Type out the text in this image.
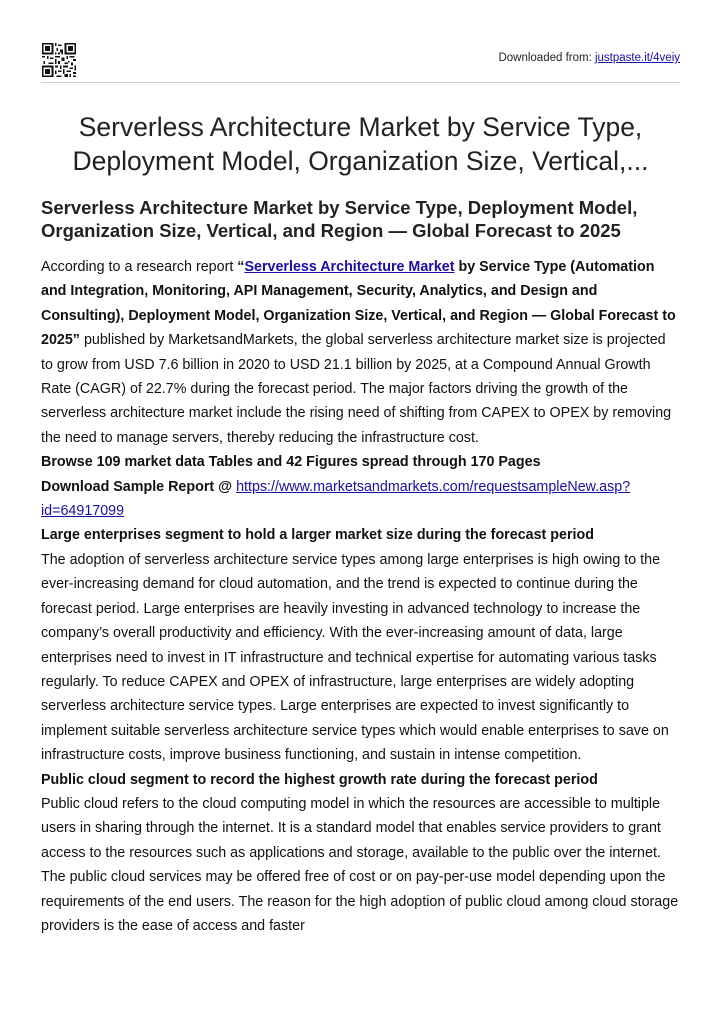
Downloaded from: justpaste.it/4veiy
Serverless Architecture Market by Service Type, Deployment Model, Organization Size, Vertical,...
Serverless Architecture Market by Service Type, Deployment Model, Organization Size, Vertical, and Region — Global Forecast to 2025

According to a research report “Serverless Architecture Market by Service Type (Automation and Integration, Monitoring, API Management, Security, Analytics, and Design and Consulting), Deployment Model, Organization Size, Vertical, and Region — Global Forecast to 2025” published by MarketsandMarkets, the global serverless architecture market size is projected to grow from USD 7.6 billion in 2020 to USD 21.1 billion by 2025, at a Compound Annual Growth Rate (CAGR) of 22.7% during the forecast period. The major factors driving the growth of the serverless architecture market include the rising need of shifting from CAPEX to OPEX by removing the need to manage servers, thereby reducing the infrastructure cost.

Browse 109 market data Tables and 42 Figures spread through 170 Pages

Download Sample Report @ https://www.marketsandmarkets.com/requestsampleNew.asp?id=64917099

Large enterprises segment to hold a larger market size during the forecast period

The adoption of serverless architecture service types among large enterprises is high owing to the ever-increasing demand for cloud automation, and the trend is expected to continue during the forecast period. Large enterprises are heavily investing in advanced technology to increase the company’s overall productivity and efficiency. With the ever-increasing amount of data, large enterprises need to invest in IT infrastructure and technical expertise for automating various tasks regularly. To reduce CAPEX and OPEX of infrastructure, large enterprises are widely adopting serverless architecture service types. Large enterprises are expected to invest significantly to implement suitable serverless architecture service types which would enable enterprises to save on infrastructure costs, improve business functioning, and sustain in intense competition.

Public cloud segment to record the highest growth rate during the forecast period

Public cloud refers to the cloud computing model in which the resources are accessible to multiple users in sharing through the internet. It is a standard model that enables service providers to grant access to the resources such as applications and storage, available to the public over the internet. The public cloud services may be offered free of cost or on pay-per-use model depending upon the requirements of the end users. The reason for the high adoption of public cloud among cloud storage providers is the ease of access and faster
